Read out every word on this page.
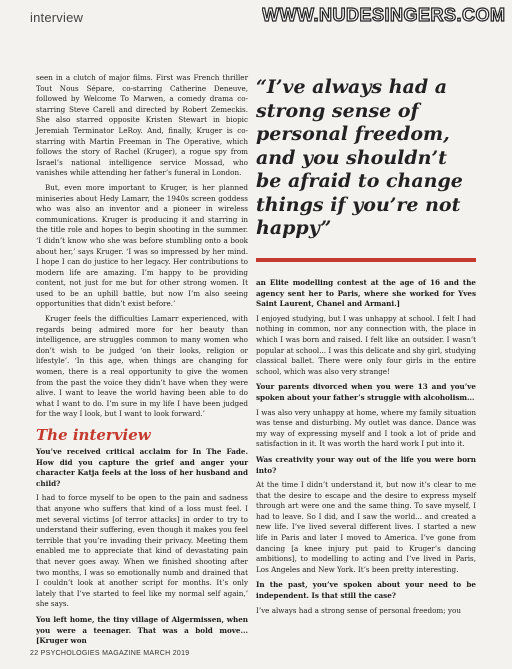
interview	WWW.NUDESINGERS.COM

seen in a clutch of major films. First was French thriller Tout Nous Sépare, co-starring Catherine Deneuve, followed by Welcome To Marwen, a comedy drama co-starring Steve Carell and directed by Robert Zemeckis. She also starred opposite Kristen Stewart in biopic Jeremiah Terminator LeRoy. And, finally, Kruger is co-starring with Martin Freeman in The Operative, which follows the story of Rachel (Kruger), a rogue spy from Israel’s national intelligence service Mossad, who vanishes while attending her father’s funeral in London.

But, even more important to Kruger, is her planned miniseries about Hedy Lamarr, the 1940s screen goddess who was also an inventor and a pioneer in wireless communications. Kruger is producing it and starring in the title role and hopes to begin shooting in the summer. ‘I didn’t know who she was before stumbling onto a book about her,’ says Kruger. ‘I was so impressed by her mind. I hope I can do justice to her legacy. Her contributions to modern life are amazing. I’m happy to be providing content, not just for me but for other strong women. It used to be an uphill battle, but now I’m also seeing opportunities that didn’t exist before.’

Kruger feels the difficulties Lamarr experienced, with regards being admired more for her beauty than intelligence, are struggles common to many women who don’t wish to be judged ‘on their looks, religion or lifestyle’. ‘In this age, when things are changing for women, there is a real opportunity to give the women from the past the voice they didn’t have when they were alive. I want to leave the world having been able to do what I want to do. I’m sure in my life I have been judged for the way I look, but I want to look forward.’

The interview

You’ve received critical acclaim for In The Fade. How did you capture the grief and anger your character Katja feels at the loss of her husband and child?

I had to force myself to be open to the pain and sadness that anyone who suffers that kind of a loss must feel. I met several victims [of terror attacks] in order to try to understand their suffering, even though it makes you feel terrible that you’re invading their privacy. Meeting them enabled me to appreciate that kind of devastating pain that never goes away. When we finished shooting after two months, I was so emotionally numb and drained that I couldn’t look at another script for months. It’s only lately that I’ve started to feel like my normal self again,’ she says.

You left home, the tiny village of Algermissen, when you were a teenager. That was a bold move... [Kruger won

“I’ve always had a strong sense of personal freedom, and you shouldn’t be afraid to change things if you’re not happy”

an Elite modelling contest at the age of 16 and the agency sent her to Paris, where she worked for Yves Saint Laurent, Chanel and Armani.]

I enjoyed studying, but I was unhappy at school. I felt I had nothing in common, nor any connection with, the place in which I was born and raised. I felt like an outsider. I wasn’t popular at school... I was this delicate and shy girl, studying classical ballet. There were only four girls in the entire school, which was also very strange!

Your parents divorced when you were 13 and you’ve spoken about your father’s struggle with alcoholism...

I was also very unhappy at home, where my family situation was tense and disturbing. My outlet was dance. Dance was my way of expressing myself and I took a lot of pride and satisfaction in it. It was worth the hard work I put into it.

Was creativity your way out of the life you were born into?

At the time I didn’t understand it, but now it’s clear to me that the desire to escape and the desire to express myself through art were one and the same thing. To save myself, I had to leave. So I did, and I saw the world... and created a new life. I’ve lived several different lives. I started a new life in Paris and later I moved to America. I’ve gone from dancing [a knee injury put paid to Kruger’s dancing ambitions], to modelling to acting and I’ve lived in Paris, Los Angeles and New York. It’s been pretty interesting.

In the past, you’ve spoken about your need to be independent. Is that still the case?

I’ve always had a strong sense of personal freedom; you

22 PSYCHOLOGIES MAGAZINE MARCH 2019
